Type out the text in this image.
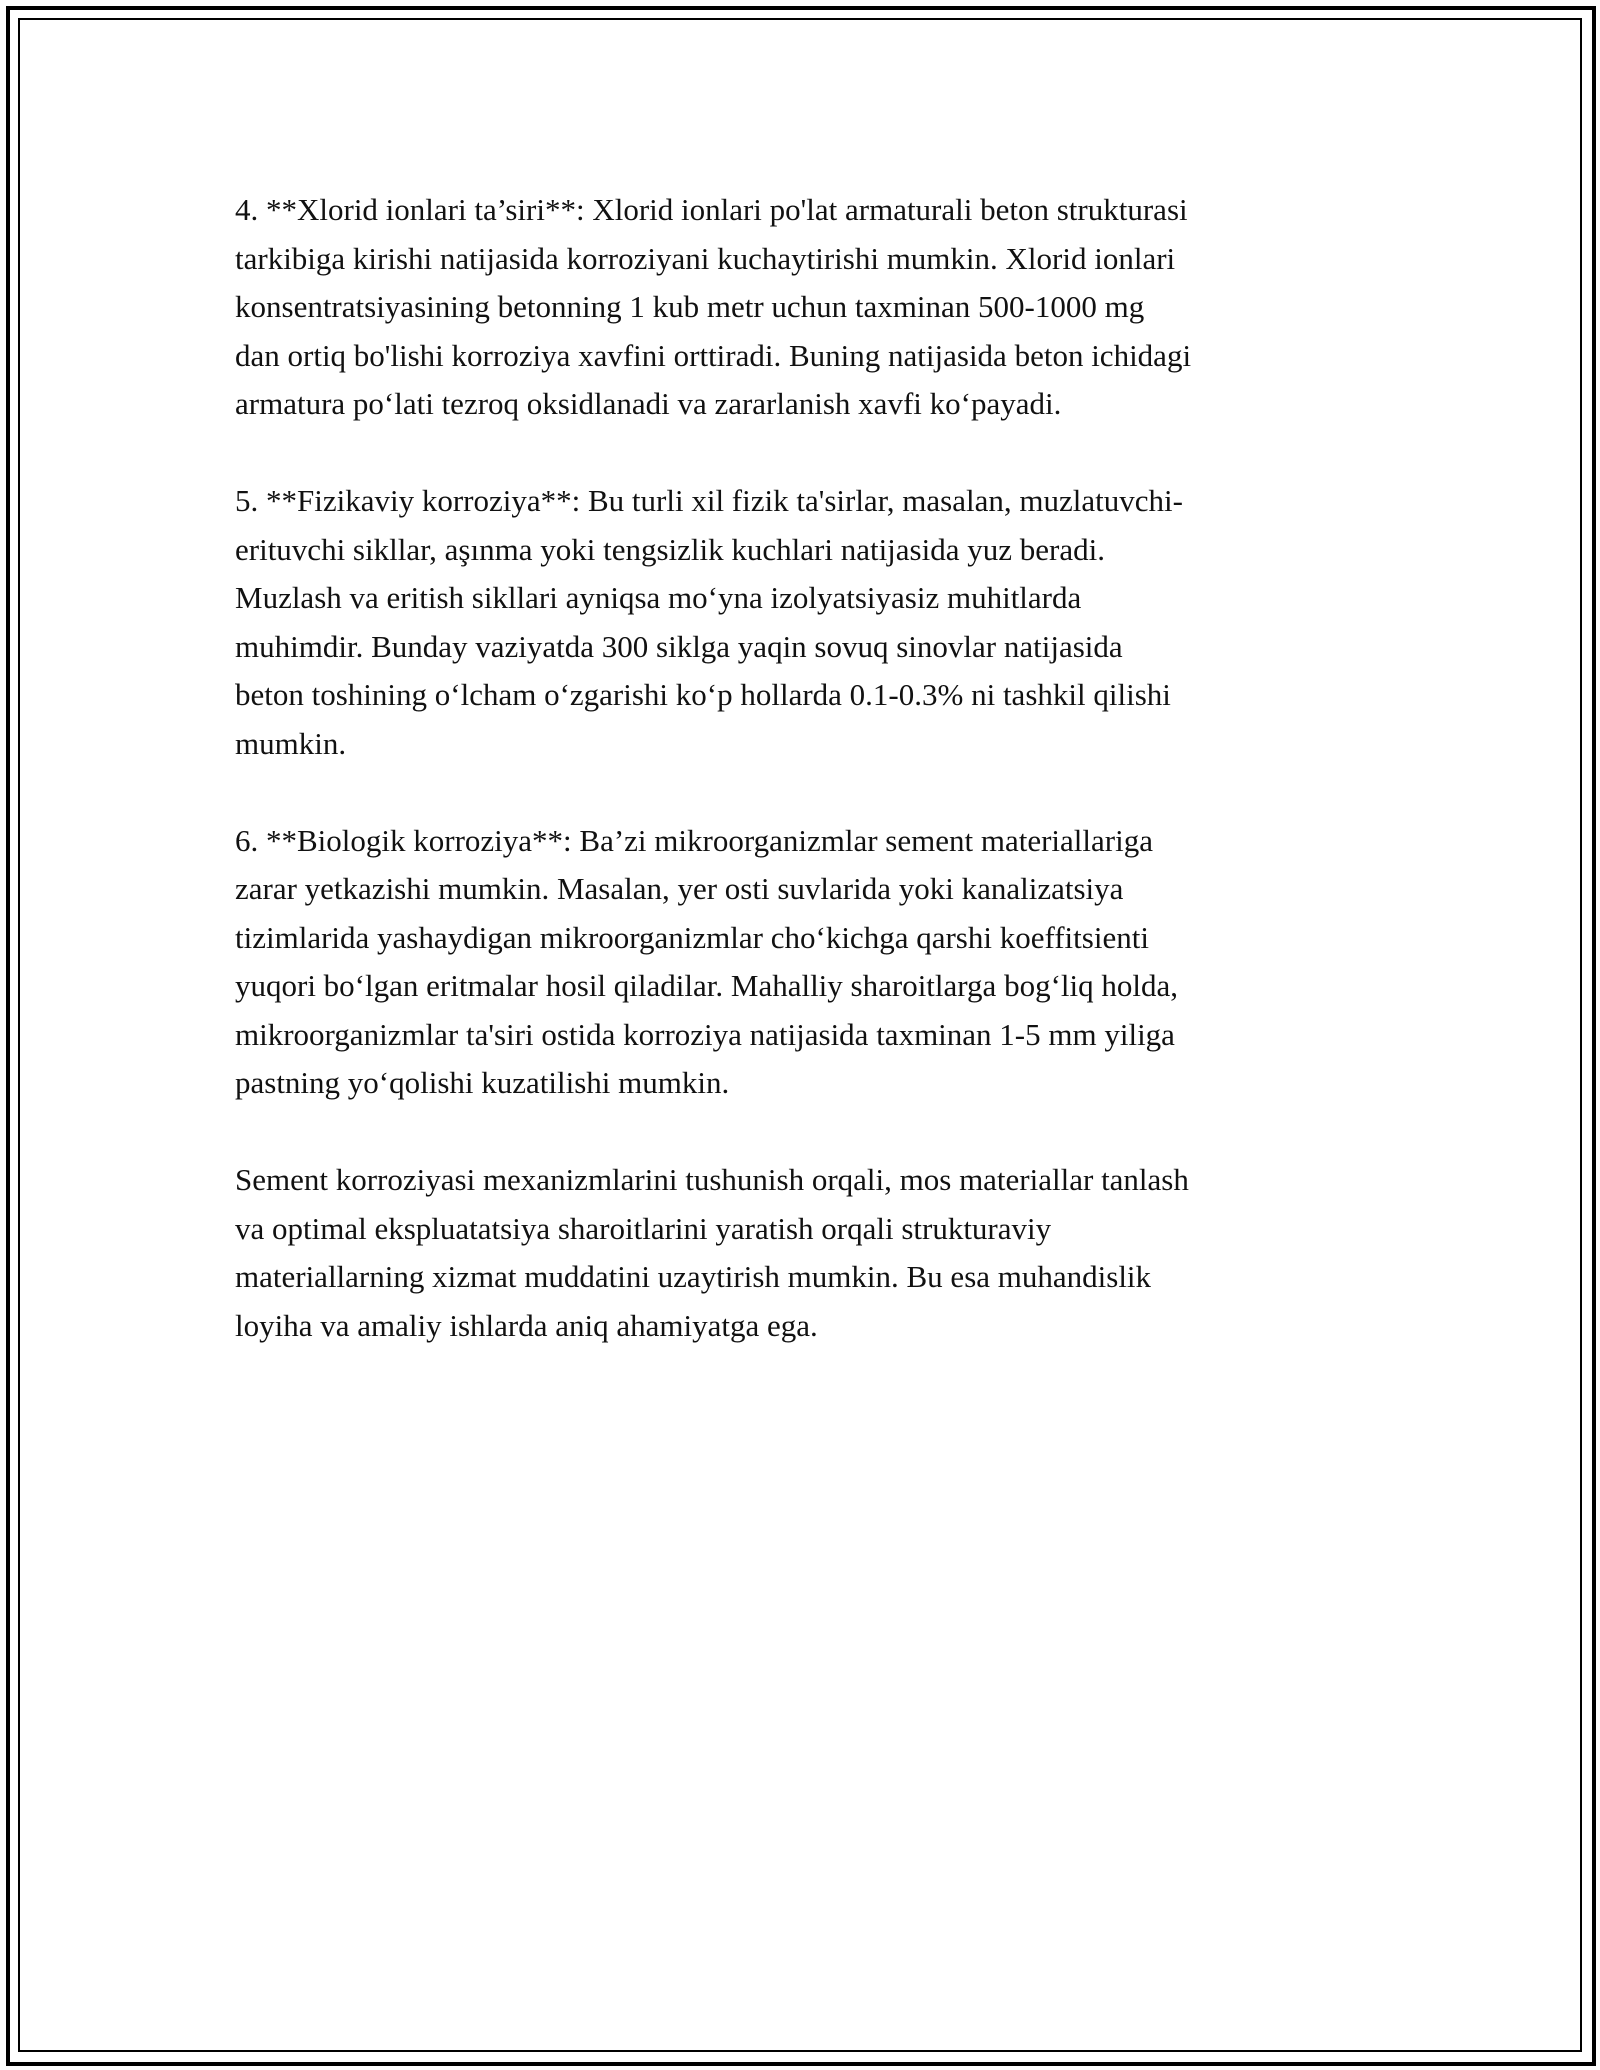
4. **Xlorid ionlari ta’siri**: Xlorid ionlari po'lat armaturali beton strukturasi
tarkibiga kirishi natijasida korroziyani kuchaytirishi mumkin. Xlorid ionlari
konsentratsiyasining betonning 1 kub metr uchun taxminan 500-1000 mg
dan ortiq bo'lishi korroziya xavfini orttiradi. Buning natijasida beton ichidagi
armatura po‘lati tezroq oksidlanadi va zararlanish xavfi ko‘payadi.

5. **Fizikaviy korroziya**: Bu turli xil fizik ta'sirlar, masalan, muzlatuvchi-
erituvchi sikllar, aşınma yoki tengsizlik kuchlari natijasida yuz beradi.
Muzlash va eritish sikllari ayniqsa mo‘yna izolyatsiyasiz muhitlarda
muhimdir. Bunday vaziyatda 300 siklga yaqin sovuq sinovlar natijasida
beton toshining o‘lcham o‘zgarishi ko‘p hollarda 0.1-0.3% ni tashkil qilishi
mumkin.

6. **Biologik korroziya**: Ba’zi mikroorganizmlar sement materiallariga
zarar yetkazishi mumkin. Masalan, yer osti suvlarida yoki kanalizatsiya
tizimlarida yashaydigan mikroorganizmlar cho‘kichga qarshi koeffitsienti
yuqori bo‘lgan eritmalar hosil qiladilar. Mahalliy sharoitlarga bog‘liq holda,
mikroorganizmlar ta'siri ostida korroziya natijasida taxminan 1-5 mm yiliga
pastning yo‘qolishi kuzatilishi mumkin.

Sement korroziyasi mexanizmlarini tushunish orqali, mos materiallar tanlash
va optimal ekspluatatsiya sharoitlarini yaratish orqali strukturaviy
materiallarning xizmat muddatini uzaytirish mumkin. Bu esa muhandislik
loyiha va amaliy ishlarda aniq ahamiyatga ega.
